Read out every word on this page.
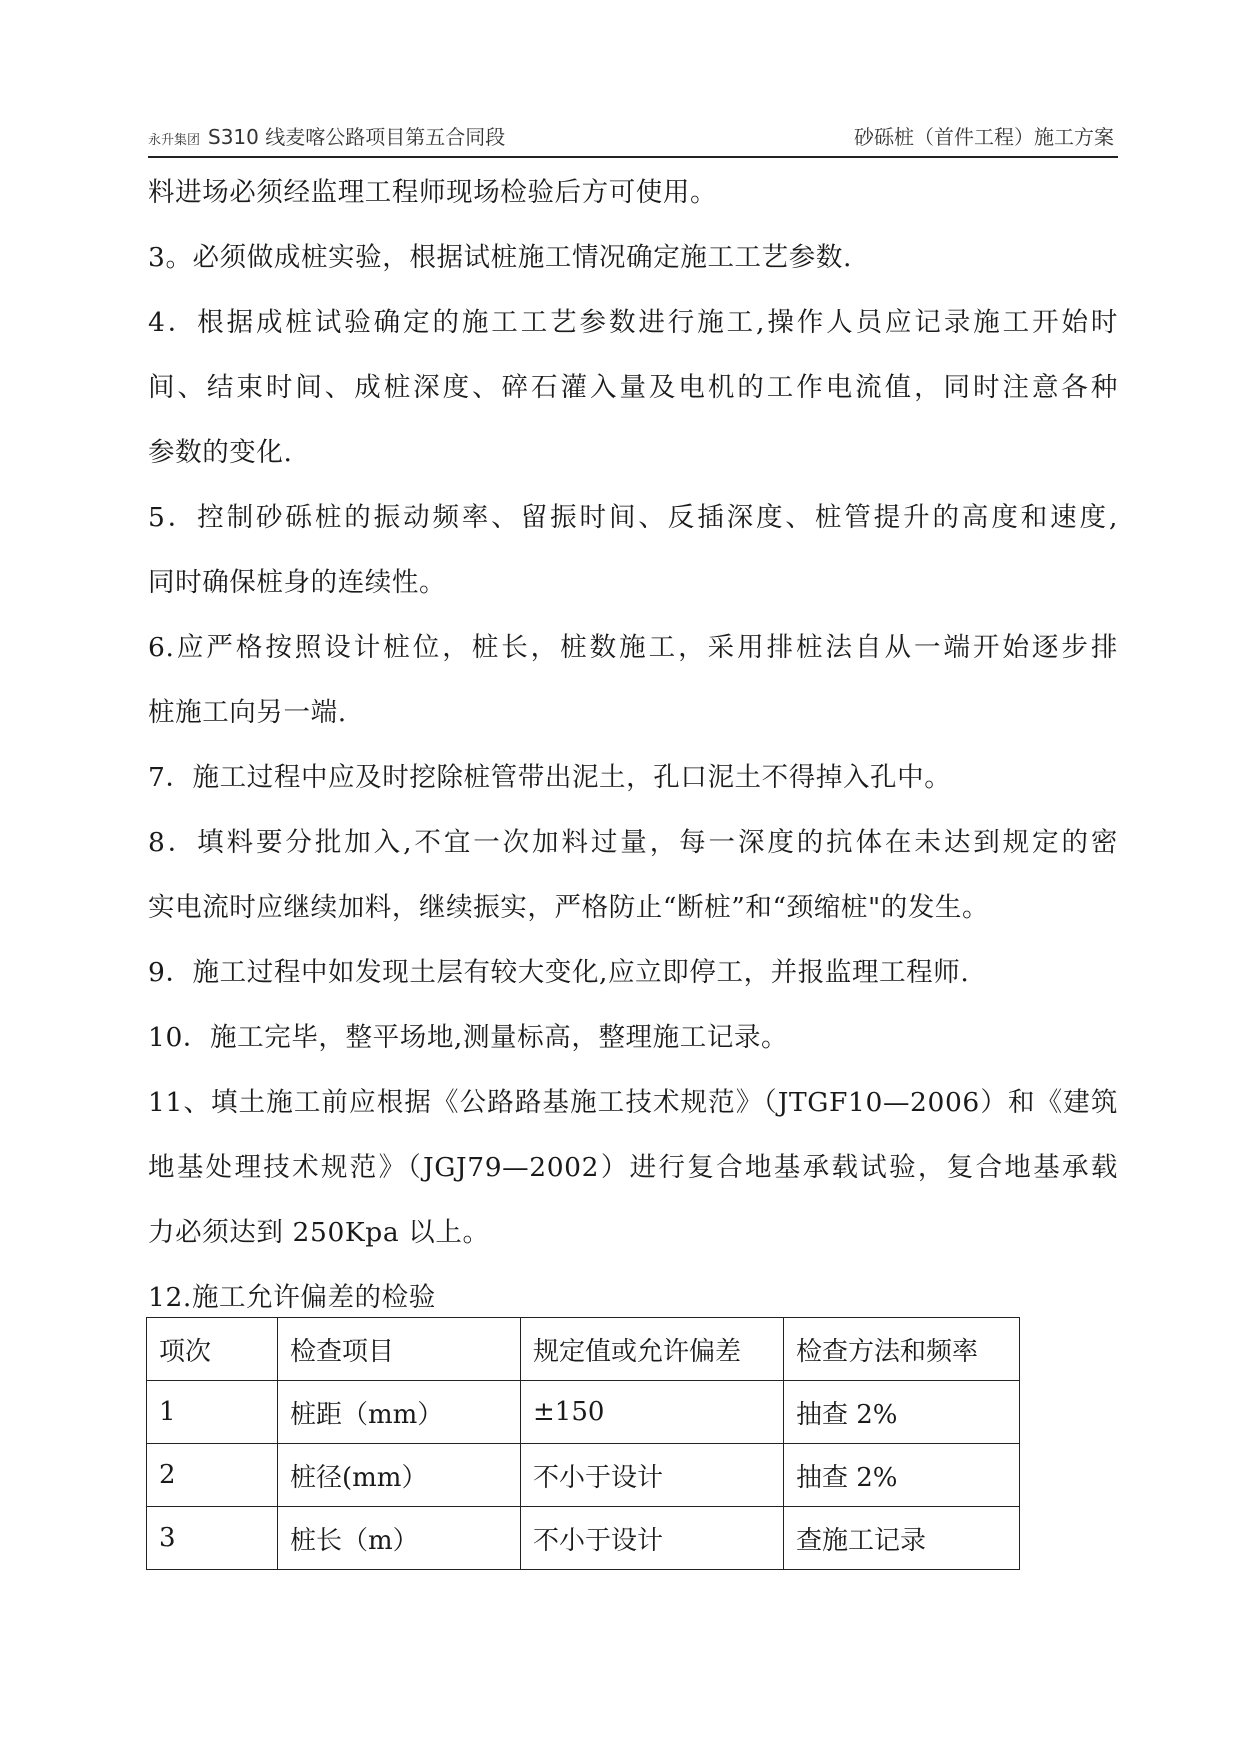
永升集团 S310 线麦喀公路项目第五合同段	砂砾桩（首件工程）施工方案
料进场必须经监理工程师现场检验后方可使用。
3。必须做成桩实验，根据试桩施工情况确定施工工艺参数.
4．根据成桩试验确定的施工工艺参数进行施工,操作人员应记录施工开始时
间、结束时间、成桩深度、碎石灌入量及电机的工作电流值，同时注意各种
参数的变化.
5．控制砂砾桩的振动频率、留振时间、反插深度、桩管提升的高度和速度,
同时确保桩身的连续性。
6.应严格按照设计桩位，桩长，桩数施工，采用排桩法自从一端开始逐步排
桩施工向另一端.
7．施工过程中应及时挖除桩管带出泥土，孔口泥土不得掉入孔中。
8．填料要分批加入,不宜一次加料过量，每一深度的抗体在未达到规定的密
实电流时应继续加料，继续振实，严格防止“断桩”和“颈缩桩"的发生。
9．施工过程中如发现土层有较大变化,应立即停工，并报监理工程师.
10．施工完毕，整平场地,测量标高，整理施工记录。
11、填土施工前应根据《公路路基施工技术规范》（JTGF10—2006）和《建筑
地基处理技术规范》（JGJ79—2002）进行复合地基承载试验，复合地基承载
力必须达到 250Kpa 以上。
12.施工允许偏差的检验
项次	检查项目	规定值或允许偏差	检查方法和频率
1	桩距（mm）	±150	抽查 2%
2	桩径(mm）	不小于设计	抽查 2%
3	桩长（m）	不小于设计	查施工记录
